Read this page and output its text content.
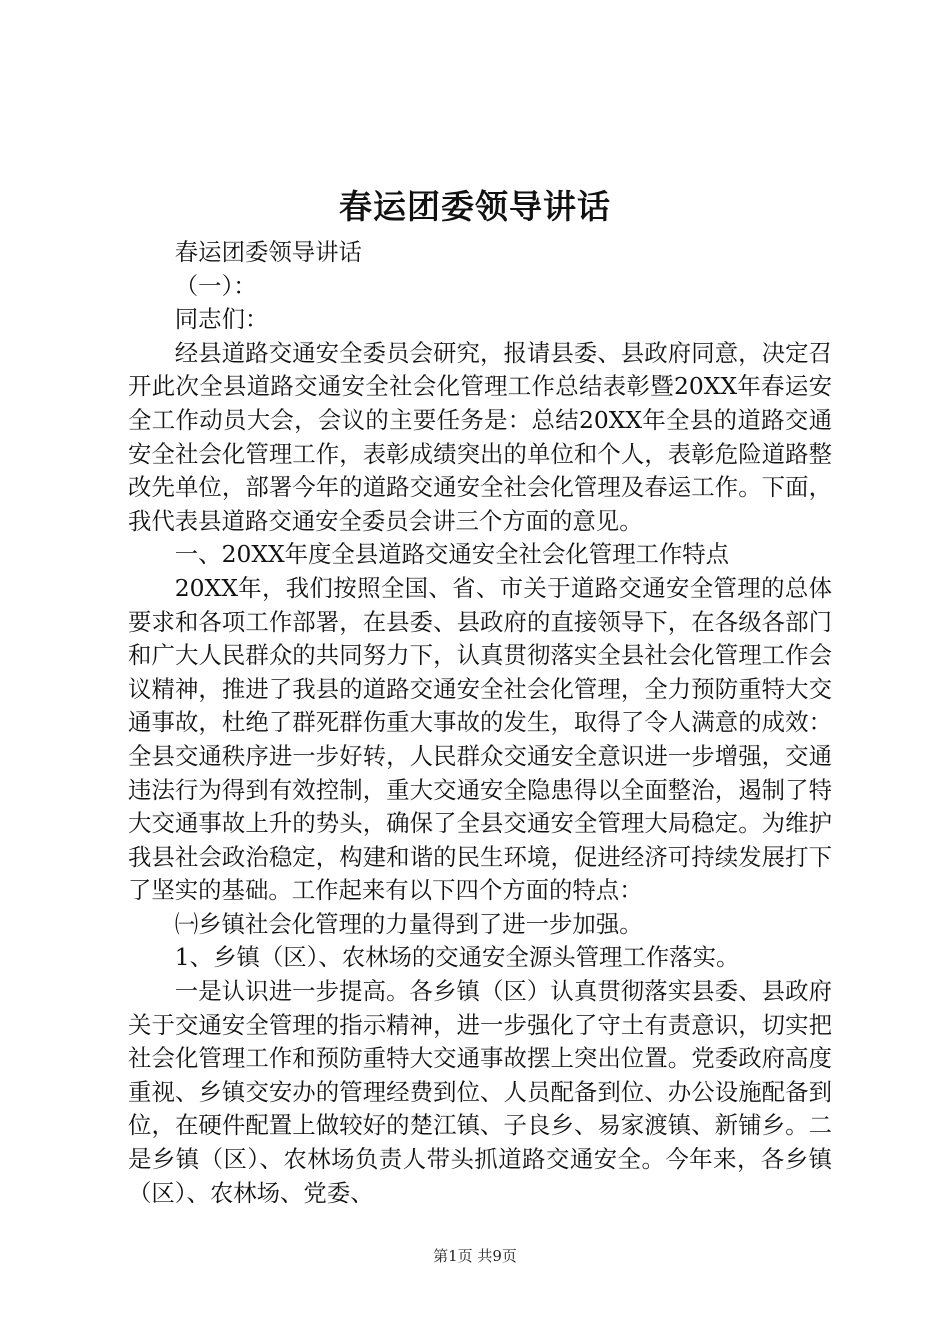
春运团委领导讲话

春运团委领导讲话

（一）：

同志们：

经县道路交通安全委员会研究，报请县委、县政府同意，决定召开此次全县道路交通安全社会化管理工作总结表彰暨20XX年春运安全工作动员大会，会议的主要任务是：总结20XX年全县的道路交通安全社会化管理工作，表彰成绩突出的单位和个人，表彰危险道路整改先单位，部署今年的道路交通安全社会化管理及春运工作。下面，我代表县道路交通安全委员会讲三个方面的意见。

一、20XX年度全县道路交通安全社会化管理工作特点

20XX年，我们按照全国、省、市关于道路交通安全管理的总体要求和各项工作部署，在县委、县政府的直接领导下，在各级各部门和广大人民群众的共同努力下，认真贯彻落实全县社会化管理工作会议精神，推进了我县的道路交通安全社会化管理，全力预防重特大交通事故，杜绝了群死群伤重大事故的发生，取得了令人满意的成效：全县交通秩序进一步好转，人民群众交通安全意识进一步增强，交通违法行为得到有效控制，重大交通安全隐患得以全面整治，遏制了特大交通事故上升的势头，确保了全县交通安全管理大局稳定。为维护我县社会政治稳定，构建和谐的民生环境，促进经济可持续发展打下了坚实的基础。工作起来有以下四个方面的特点：

㈠乡镇社会化管理的力量得到了进一步加强。

1、乡镇（区）、农林场的交通安全源头管理工作落实。

一是认识进一步提高。各乡镇（区）认真贯彻落实县委、县政府关于交通安全管理的指示精神，进一步强化了守土有责意识，切实把社会化管理工作和预防重特大交通事故摆上突出位置。党委政府高度重视、乡镇交安办的管理经费到位、人员配备到位、办公设施配备到位，在硬件配置上做较好的楚江镇、子良乡、易家渡镇、新铺乡。二是乡镇（区）、农林场负责人带头抓道路交通安全。今年来，各乡镇（区）、农林场、党委、

第1页 共9页
